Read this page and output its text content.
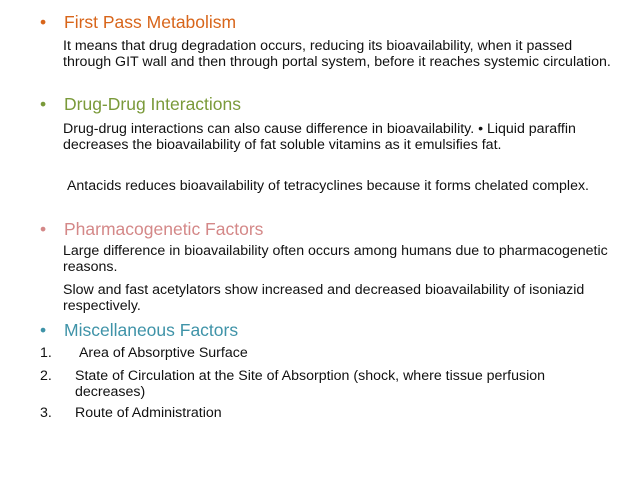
• First Pass Metabolism
It means that drug degradation occurs, reducing its bioavailability, when it passed through GIT wall and then through portal system, before it reaches systemic circulation.
• Drug-Drug Interactions
Drug-drug interactions can also cause difference in bioavailability. • Liquid paraffin decreases the bioavailability of fat soluble vitamins as it emulsifies fat.
Antacids reduces bioavailability of tetracyclines because it forms chelated complex.
• Pharmacogenetic Factors
Large difference in bioavailability often occurs among humans due to pharmacogenetic reasons.
Slow and fast acetylators show increased and decreased bioavailability of isoniazid respectively.
• Miscellaneous Factors
1. Area of Absorptive Surface
2. State of Circulation at the Site of Absorption (shock, where tissue perfusion decreases)
3. Route of Administration
